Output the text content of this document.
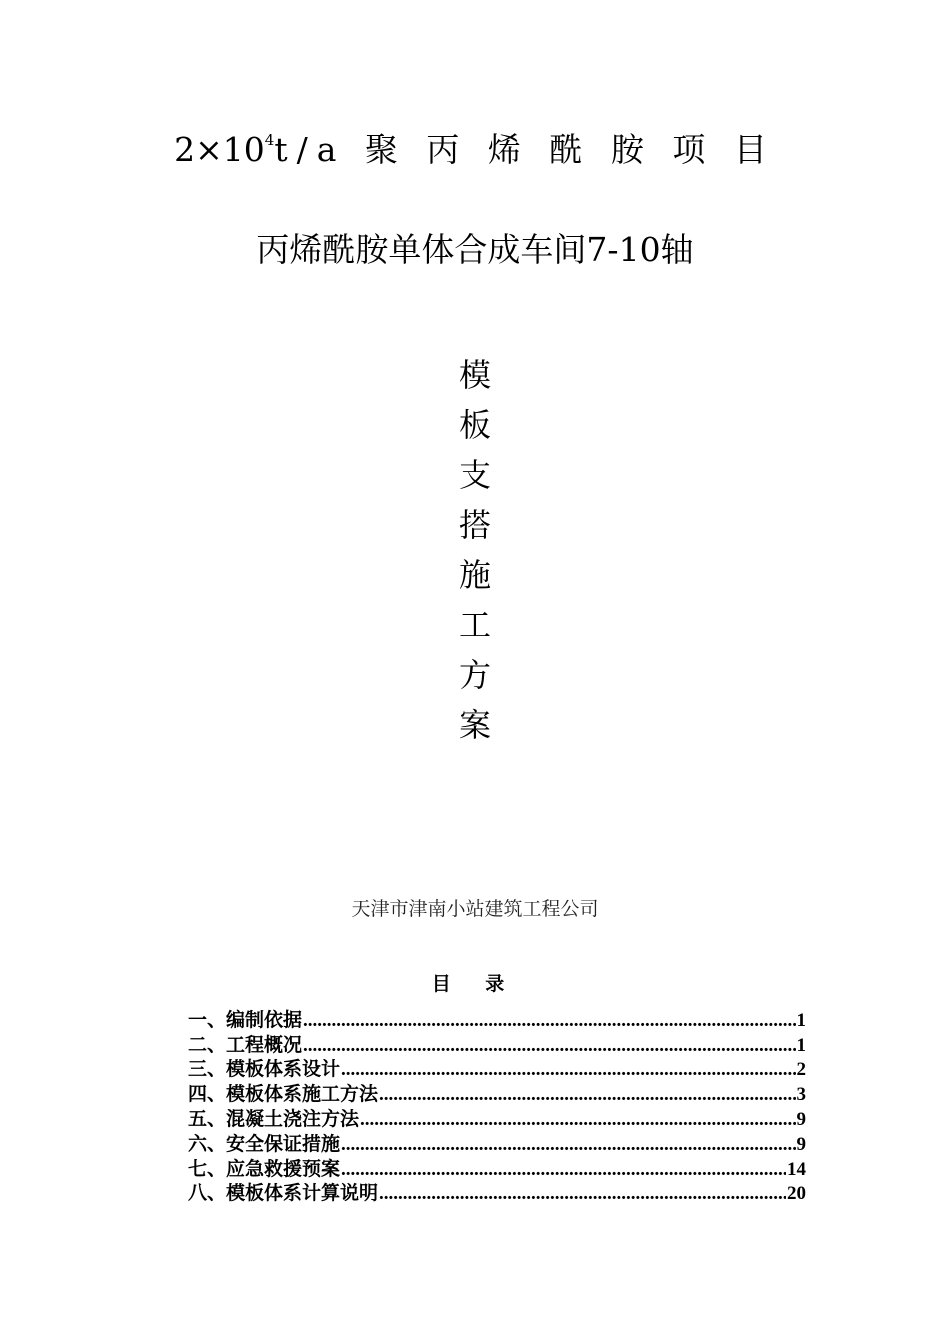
$2\times 10^4t/a$ 聚 丙 烯 酰 胺 项 目
丙烯酰胺单体合成车间7-10轴
模
板
支
搭
施
工
方
案
天津市津南小站建筑工程公司
目 录
一、编制依据 .....	1
二、工程概况 .....	1
三、模板体系设计 .....	2
四、模板体系施工方法 .....	3
五、混凝土浇注方法 .....	9
六、安全保证措施 .....	9
七、应急救援预案 .....	14
八、模板体系计算说明 .....	20
